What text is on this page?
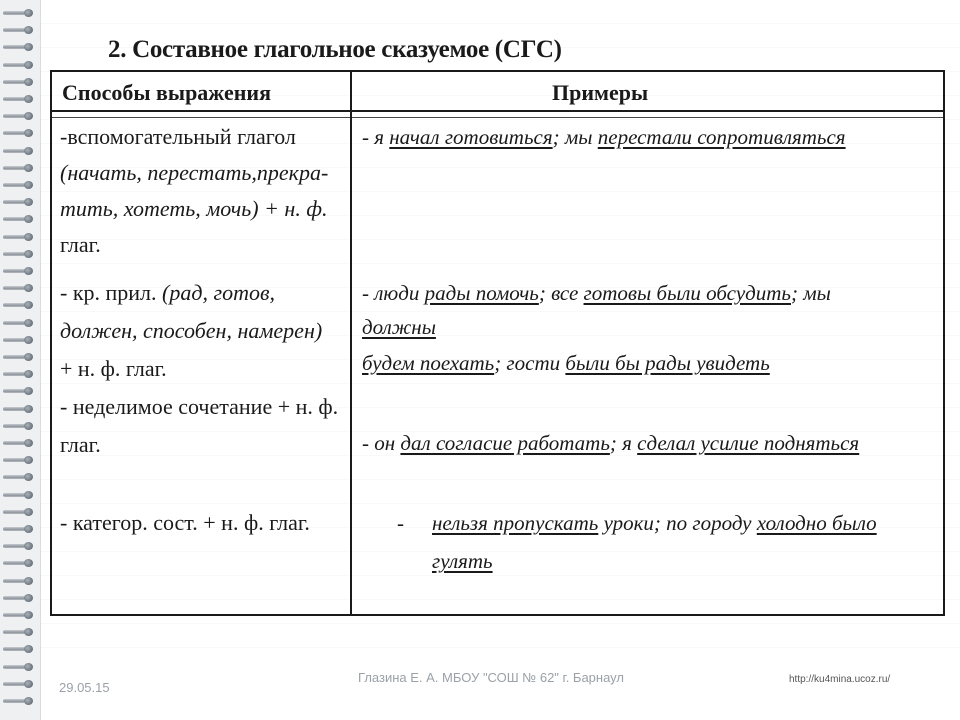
2. Составное глагольное сказуемое (СГС)
Способы выражения	Примеры
-вспомогательный глагол
(начать, перестать,прекра-
тить, хотеть, мочь) + н. ф.
глаг.
- кр. прил. (рад, готов,
должен, способен, намерен)
+ н. ф. глаг.
- неделимое сочетание + н. ф.
глаг.
- категор. сост. + н. ф. глаг.
- я начал готовиться; мы перестали сопротивляться
- люди рады помочь; все готовы были обсудить; мы
должны
будем поехать; гости были бы рады увидеть
- он дал согласие работать; я сделал усилие подняться
- нельзя пропускать уроки; по городу холодно было
гулять
29.05.15
Глазина Е. А. МБОУ "СОШ № 62" г. Барнаул	http://ku4mina.ucoz.ru/
